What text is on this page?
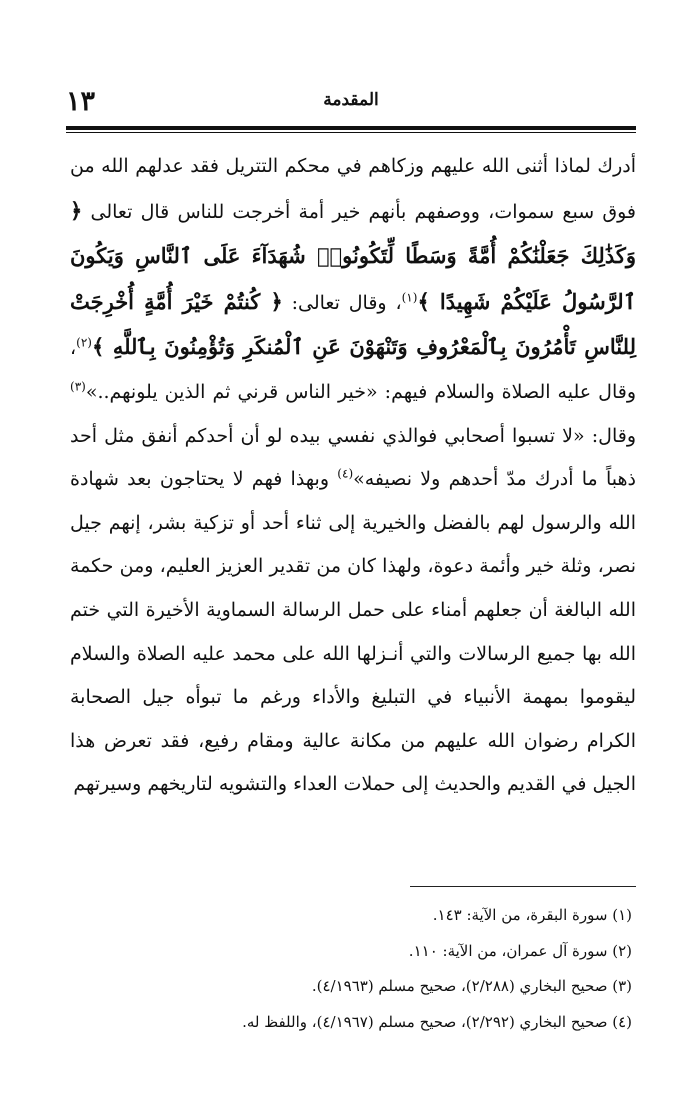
١٣	المقدمة
أدرك لماذا أثنى الله عليهم وزكاهم في محكم التتريل فقد عدلهم الله من فوق سبع سموات، ووصفهم بأنهم خير أمة أخرجت للناس قال تعالى ﴿ وَكَذَٰلِكَ جَعَلْنَٰكُمْ أُمَّةً وَسَطًا لِّتَكُونُوا۟ شُهَدَآءَ عَلَى ٱلنَّاسِ وَيَكُونَ ٱلرَّسُولُ عَلَيْكُمْ شَهِيدًا ﴾$^{(١)}$، وقال تعالى: ﴿ كُنتُمْ خَيْرَ أُمَّةٍ أُخْرِجَتْ لِلنَّاسِ تَأْمُرُونَ بِٱلْمَعْرُوفِ وَتَنْهَوْنَ عَنِ ٱلْمُنكَرِ وَتُؤْمِنُونَ بِٱللَّهِ ﴾$^{(٢)}$، وقال عليه الصلاة والسلام فيهم: «خير الناس قرني ثم الذين يلونهم..»$^{(٣)}$ وقال: «لا تسبوا أصحابي فوالذي نفسي بيده لو أن أحدكم أنفق مثل أحد ذهباً ما أدرك مدّ أحدهم ولا نصيفه»$^{(٤)}$ وبهذا فهم لا يحتاجون بعد شهادة الله والرسول لهم بالفضل والخيرية إلى ثناء أحد أو تزكية بشر، إنهم جيل نصر، وثلة خير وأئمة دعوة، ولهذا كان من تقدير العزيز العليم، ومن حكمة الله البالغة أن جعلهم أمناء على حمل الرسالة السماوية الأخيرة التي ختم الله بها جميع الرسالات والتي أنـزلها الله على محمد عليه الصلاة والسلام ليقوموا بمهمة الأنبياء في التبليغ والأداء ورغم ما تبوأه جيل الصحابة الكرام رضوان الله عليهم من مكانة عالية ومقام رفيع، فقد تعرض هذا الجيل في القديم والحديث إلى حملات العداء والتشويه لتاريخهم وسيرتهم
(١) سورة البقرة، من الآية: ١٤٣.
(٢) سورة آل عمران، من الآية: ١١٠.
(٣) صحيح البخاري (٢/٢٨٨)، صحيح مسلم (٤/١٩٦٣).
(٤) صحيح البخاري (٢/٢٩٢)، صحيح مسلم (٤/١٩٦٧)، واللفظ له.
